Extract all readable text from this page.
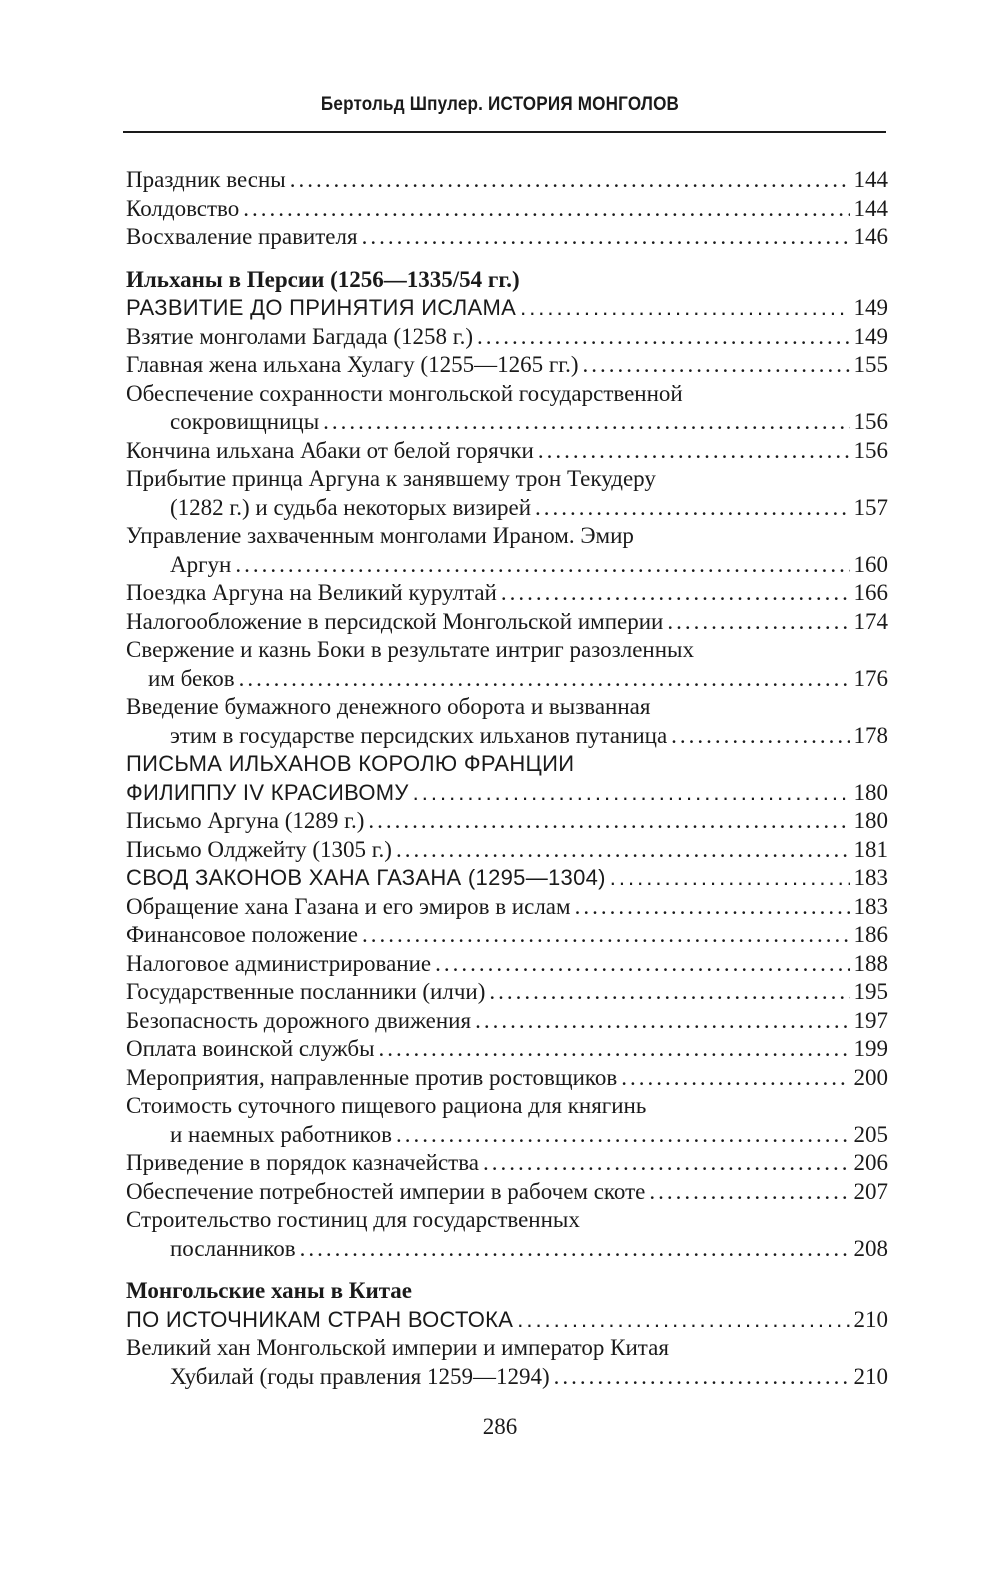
Бертольд Шпулер. ИСТОРИЯ МОНГОЛОВ
Праздник весны .....	144
Колдовство .....	144
Восхваление правителя .....	146
Ильханы в Персии (1256—1335/54 гг.)
РАЗВИТИЕ ДО ПРИНЯТИЯ ИСЛАМА .....	149
Взятие монголами Багдада (1258 г.) .....	149
Главная жена ильхана Хулагу (1255—1265 гг.) .....	155
Обеспечение сохранности монгольской государственной
сокровищницы .....	156
Кончина ильхана Абаки от белой горячки .....	156
Прибытие принца Аргуна к занявшему трон Текудеру
(1282 г.) и судьба некоторых визирей .....	157
Управление захваченным монголами Ираном. Эмир
Аргун .....	160
Поездка Аргуна на Великий курултай .....	166
Налогообложение в персидской Монгольской империи .....	174
Свержение и казнь Боки в результате интриг разозленных
им беков .....	176
Введение бумажного денежного оборота и вызванная
этим в государстве персидских ильханов путаница .....	178
ПИСЬМА ИЛЬХАНОВ КОРОЛЮ ФРАНЦИИ
ФИЛИППУ IV КРАСИВОМУ .....	180
Письмо Аргуна (1289 г.) .....	180
Письмо Олджейту (1305 г.) .....	181
СВОД ЗАКОНОВ ХАНА ГАЗАНА (1295—1304) .....	183
Обращение хана Газана и его эмиров в ислам .....	183
Финансовое положение .....	186
Налоговое администрирование .....	188
Государственные посланники (илчи) .....	195
Безопасность дорожного движения .....	197
Оплата воинской службы .....	199
Мероприятия, направленные против ростовщиков .....	200
Стоимость суточного пищевого рациона для княгинь
и наемных работников .....	205
Приведение в порядок казначейства .....	206
Обеспечение потребностей империи в рабочем скоте .....	207
Строительство гостиниц для государственных
посланников .....	208
Монгольские ханы в Китае
ПО ИСТОЧНИКАМ СТРАН ВОСТОКА .....	210
Великий хан Монгольской империи и император Китая
Хубилай (годы правления 1259—1294) .....	210
286
